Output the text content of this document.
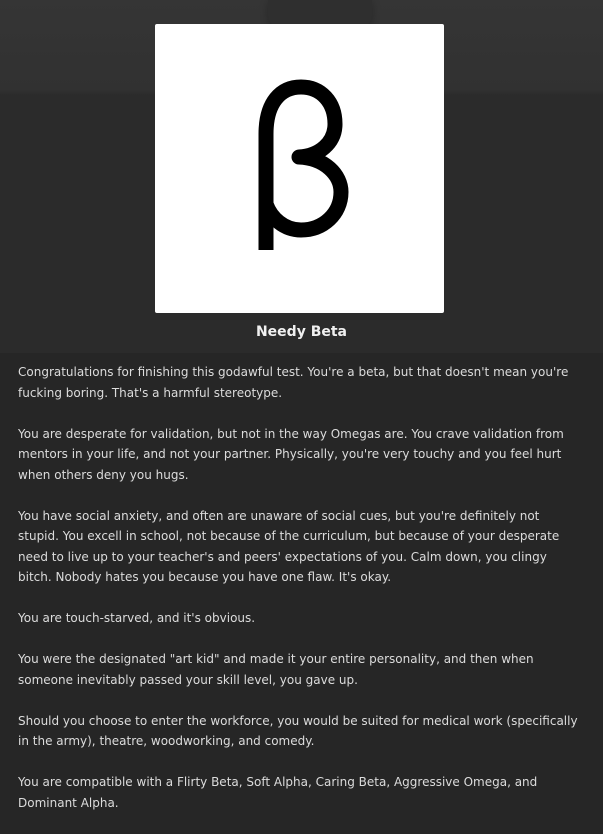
Needy Beta

Congratulations for finishing this godawful test. You're a beta, but that doesn't mean you're fucking boring. That's a harmful stereotype.

You are desperate for validation, but not in the way Omegas are. You crave validation from mentors in your life, and not your partner. Physically, you're very touchy and you feel hurt when others deny you hugs.

You have social anxiety, and often are unaware of social cues, but you're definitely not stupid. You excell in school, not because of the curriculum, but because of your desperate need to live up to your teacher's and peers' expectations of you. Calm down, you clingy bitch. Nobody hates you because you have one flaw. It's okay.

You are touch-starved, and it's obvious.

You were the designated "art kid" and made it your entire personality, and then when someone inevitably passed your skill level, you gave up.

Should you choose to enter the workforce, you would be suited for medical work (specifically in the army), theatre, woodworking, and comedy.

You are compatible with a Flirty Beta, Soft Alpha, Caring Beta, Aggressive Omega, and Dominant Alpha.
